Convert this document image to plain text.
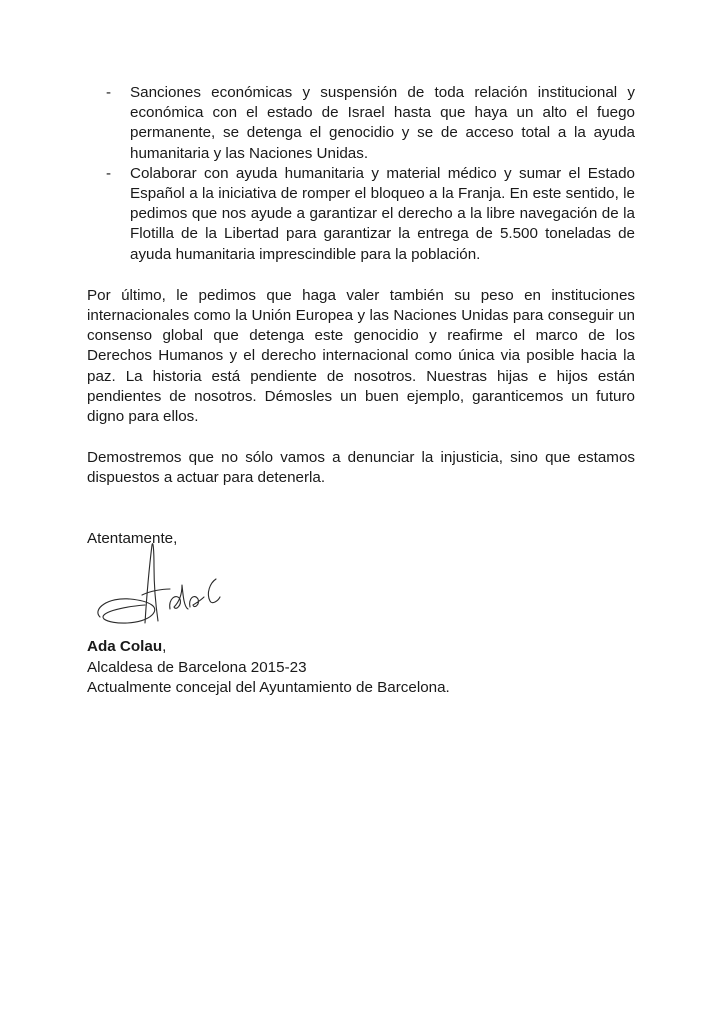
- Sanciones económicas y suspensión de toda relación institucional y económica con el estado de Israel hasta que haya un alto el fuego permanente, se detenga el genocidio y se de acceso total a la ayuda humanitaria y las Naciones Unidas.
- Colaborar con ayuda humanitaria y material médico y sumar el Estado Español a la iniciativa de romper el bloqueo a la Franja. En este sentido, le pedimos que nos ayude a garantizar el derecho a la libre navegación de la Flotilla de la Libertad para garantizar la entrega de 5.500 toneladas de ayuda humanitaria imprescindible para la población.

Por último, le pedimos que haga valer también su peso en instituciones internacionales como la Unión Europea y las Naciones Unidas para conseguir un consenso global que detenga este genocidio y reafirme el marco de los Derechos Humanos y el derecho internacional como única via posible hacia la paz. La historia está pendiente de nosotros. Nuestras hijas e hijos están pendientes de nosotros. Démosles un buen ejemplo, garanticemos un futuro digno para ellos.

Demostremos que no sólo vamos a denunciar la injusticia, sino que estamos dispuestos a actuar para detenerla.

Atentamente,

Ada Colau,
Alcaldesa de Barcelona 2015-23
Actualmente concejal del Ayuntamiento de Barcelona.
